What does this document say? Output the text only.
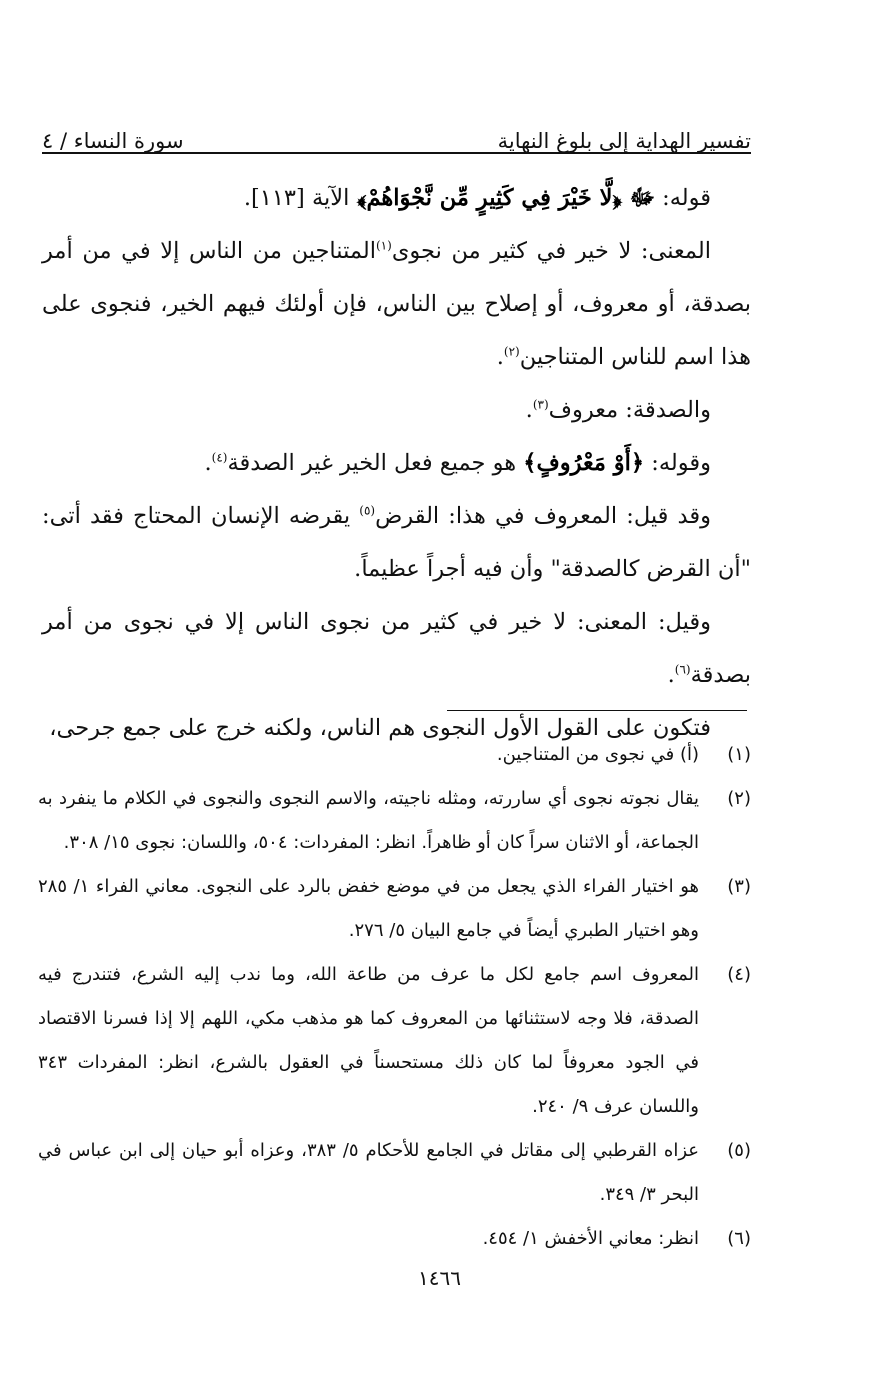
تفسير الهداية إلى بلوغ النهاية
سورة النساء / ٤

قوله: ﷻ ﴿لَّا خَيْرَ فِي كَثِيرٍ مِّن نَّجْوَاهُمْ﴾ الآية [١١٣].

المعنى: لا خير في كثير من نجوى$^{(١)}$المتناجين من الناس إلا في من أمر بصدقة، أو معروف، أو إصلاح بين الناس، فإن أولئك فيهم الخير، فنجوى على هذا اسم للناس المتناجين$^{(٢)}$.

والصدقة: معروف$^{(٣)}$.

وقوله: ﴿أَوْ مَعْرُوفٍ﴾ هو جميع فعل الخير غير الصدقة$^{(٤)}$.

وقد قيل: المعروف في هذا: القرض$^{(٥)}$ يقرضه الإنسان المحتاج فقد أتى: "أن القرض كالصدقة" وأن فيه أجراً عظيماً.

وقيل: المعنى: لا خير في كثير من نجوى الناس إلا في نجوى من أمر بصدقة$^{(٦)}$.

فتكون على القول الأول النجوى هم الناس، ولكنه خرج على جمع جرحى،

(١)
(أ) في نجوى من المتناجين.
(٢)
يقال نجوته نجوى أي ساررته، ومثله ناجيته، والاسم النجوى والنجوى في الكلام ما ينفرد به الجماعة، أو الاثنان سراً كان أو ظاهراً. انظر: المفردات: ٥٠٤، واللسان: نجوى ١٥/ ٣٠٨.
(٣)
هو اختيار الفراء الذي يجعل من في موضع خفض بالرد على النجوى. معاني الفراء ١/ ٢٨٥ وهو اختيار الطبري أيضاً في جامع البيان ٥/ ٢٧٦.
(٤)
المعروف اسم جامع لكل ما عرف من طاعة الله، وما ندب إليه الشرع، فتندرج فيه الصدقة، فلا وجه لاستثنائها من المعروف كما هو مذهب مكي، اللهم إلا إذا فسرنا الاقتصاد في الجود معروفاً لما كان ذلك مستحسناً في العقول بالشرع، انظر: المفردات ٣٤٣ واللسان عرف ٩/ ٢٤٠.
(٥)
عزاه القرطبي إلى مقاتل في الجامع للأحكام ٥/ ٣٨٣، وعزاه أبو حيان إلى ابن عباس في البحر ٣/ ٣٤٩.
(٦)
انظر: معاني الأخفش ١/ ٤٥٤.
١٤٦٦
